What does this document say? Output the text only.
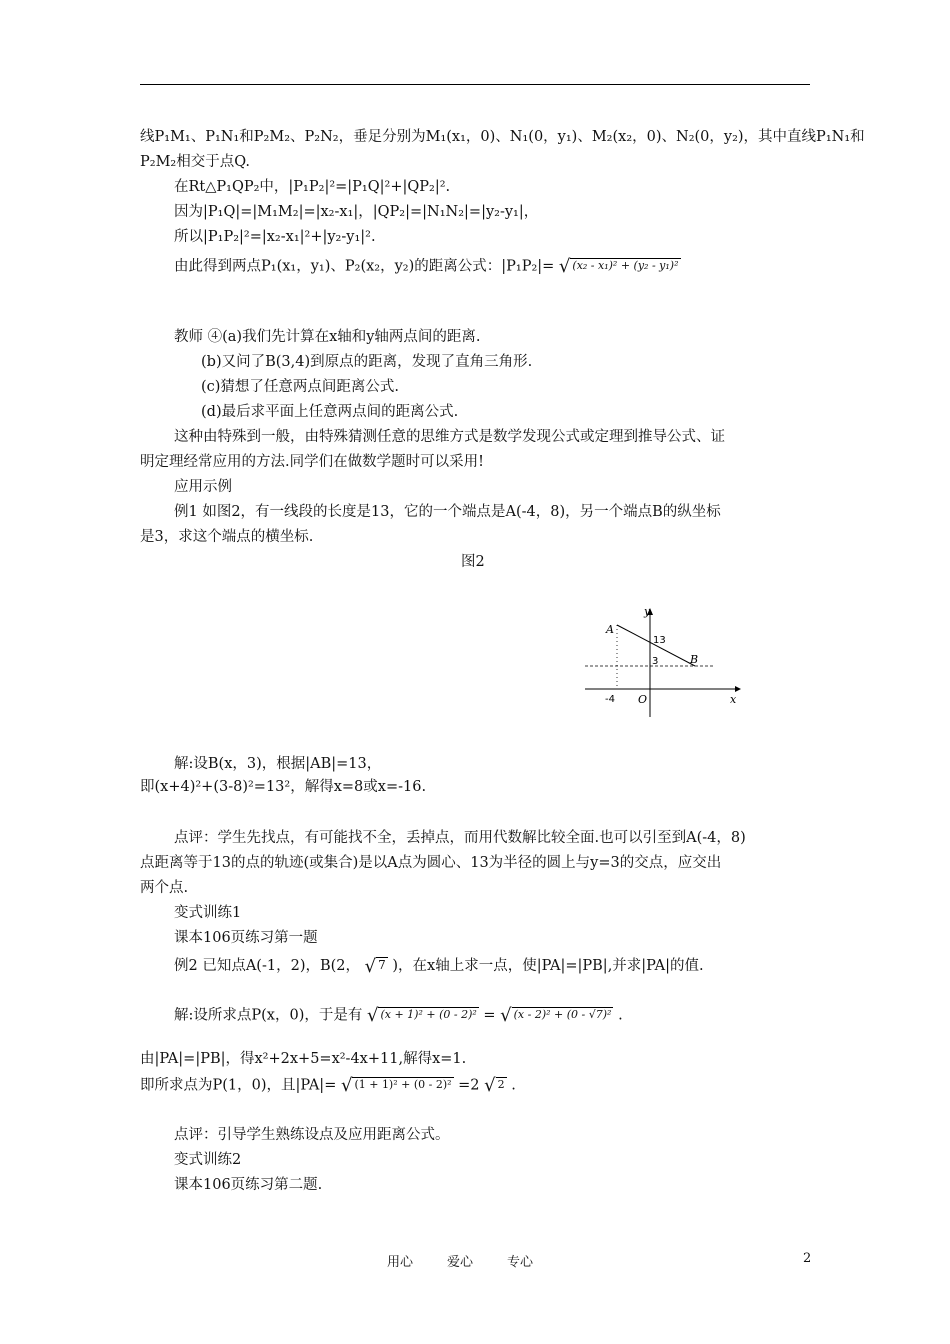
线P₁M₁、P₁N₁和P₂M₂、P₂N₂，垂足分别为M₁(x₁，0)、N₁(0，y₁)、M₂(x₂，0)、N₂(0，y₂)，其中直线P₁N₁和
P₂M₂相交于点Q.
在Rt△P₁QP₂中，|P₁P₂|²=|P₁Q|²+|QP₂|².
因为|P₁Q|=|M₁M₂|=|x₂-x₁|，|QP₂|=|N₁N₂|=|y₂-y₁|，
所以|P₁P₂|²=|x₂-x₁|²+|y₂-y₁|².
由此得到两点P₁(x₁，y₁)、P₂(x₂，y₂)的距离公式：|P₁P₂|= √ (x₂ - x₁)² + (y₂ - y₁)²
教师 ④(a)我们先计算在x轴和y轴两点间的距离.
(b)又问了B(3,4)到原点的距离，发现了直角三角形.
(c)猜想了任意两点间距离公式.
(d)最后求平面上任意两点间的距离公式.
这种由特殊到一般，由特殊猜测任意的思维方式是数学发现公式或定理到推导公式、证
明定理经常应用的方法.同学们在做数学题时可以采用!
应用示例
例1 如图2，有一线段的长度是13，它的一个端点是A(-4，8)，另一个端点B的纵坐标
是3，求这个端点的横坐标.
图2
y
x
A
B
13
3
-4 O
解:设B(x，3)，根据|AB|=13，
即(x+4)²+(3-8)²=13²，解得x=8或x=-16.
点评：学生先找点，有可能找不全，丢掉点，而用代数解比较全面.也可以引至到A(-4，8)
点距离等于13的点的轨迹(或集合)是以A点为圆心、13为半径的圆上与y=3的交点，应交出
两个点.
变式训练1
课本106页练习第一题
例2 已知点A(-1，2)，B(2， √ 7 )，在x轴上求一点，使|PA|=|PB|,并求|PA|的值.
解:设所求点P(x，0)，于是有 √ (x + 1)² + (0 - 2)² = √ (x - 2)² + (0 - √7)² .
由|PA|=|PB|，得x²+2x+5=x²-4x+11,解得x=1.
即所求点为P(1，0)，且|PA|= √ (1 + 1)² + (0 - 2)² =2 √ 2 .
点评：引导学生熟练设点及应用距离公式。
变式训练2
课本106页练习第二题.
用心	爱心	专心	2
